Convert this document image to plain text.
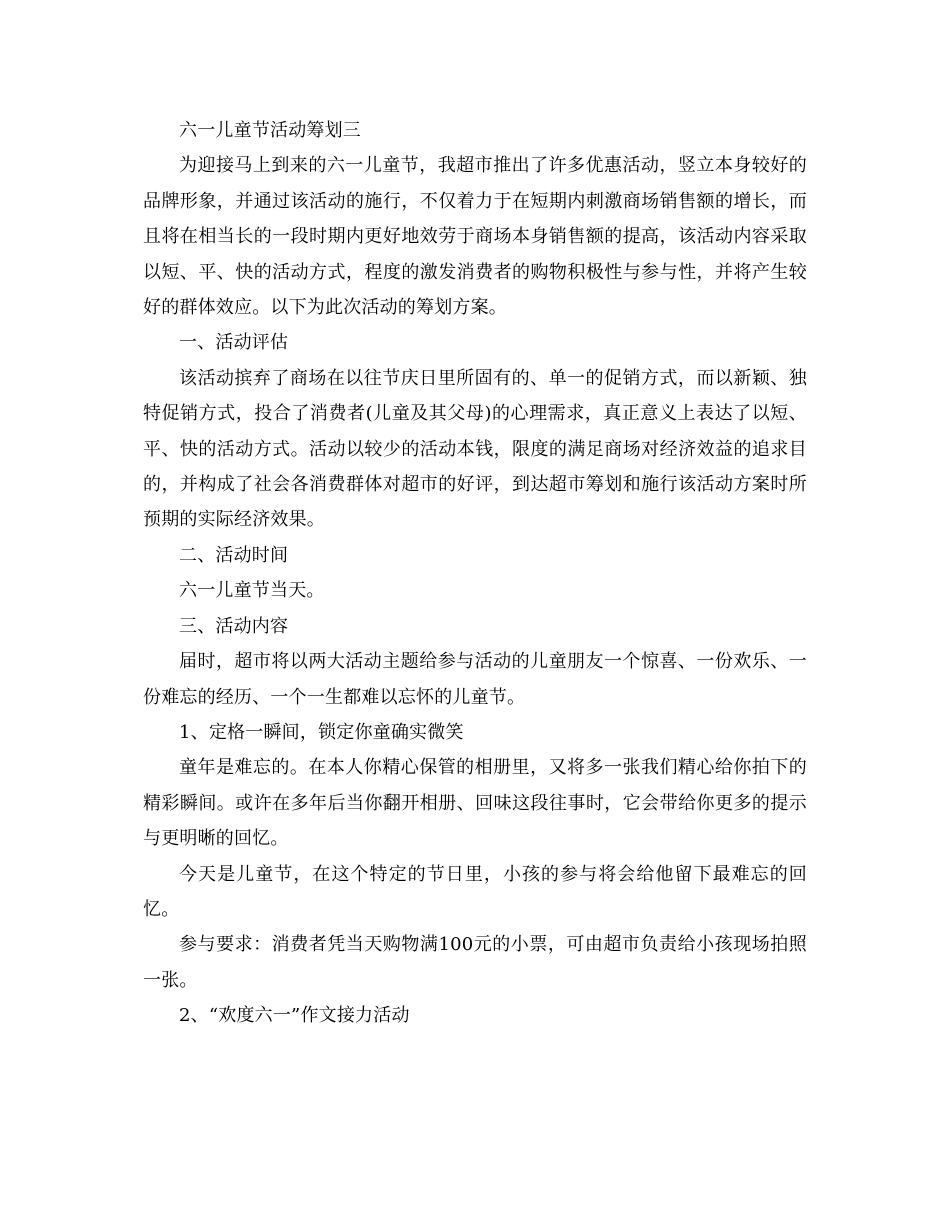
六一儿童节活动筹划三

为迎接马上到来的六一儿童节，我超市推出了许多优惠活动，竖立本身较好的品牌形象，并通过该活动的施行，不仅着力于在短期内刺激商场销售额的增长，而且将在相当长的一段时期内更好地效劳于商场本身销售额的提高，该活动内容采取以短、平、快的活动方式，程度的激发消费者的购物积极性与参与性，并将产生较好的群体效应。以下为此次活动的筹划方案。

一、活动评估

该活动摈弃了商场在以往节庆日里所固有的、单一的促销方式，而以新颖、独特促销方式，投合了消费者(儿童及其父母)的心理需求，真正意义上表达了以短、平、快的活动方式。活动以较少的活动本钱，限度的满足商场对经济效益的追求目的，并构成了社会各消费群体对超市的好评，到达超市筹划和施行该活动方案时所预期的实际经济效果。

二、活动时间

六一儿童节当天。

三、活动内容

届时，超市将以两大活动主题给参与活动的儿童朋友一个惊喜、一份欢乐、一份难忘的经历、一个一生都难以忘怀的儿童节。

1、定格一瞬间，锁定你童确实微笑

童年是难忘的。在本人你精心保管的相册里，又将多一张我们精心给你拍下的精彩瞬间。或许在多年后当你翻开相册、回味这段往事时，它会带给你更多的提示与更明晰的回忆。

今天是儿童节，在这个特定的节日里，小孩的参与将会给他留下最难忘的回忆。

参与要求：消费者凭当天购物满100元的小票，可由超市负责给小孩现场拍照一张。

2、“欢度六一”作文接力活动
